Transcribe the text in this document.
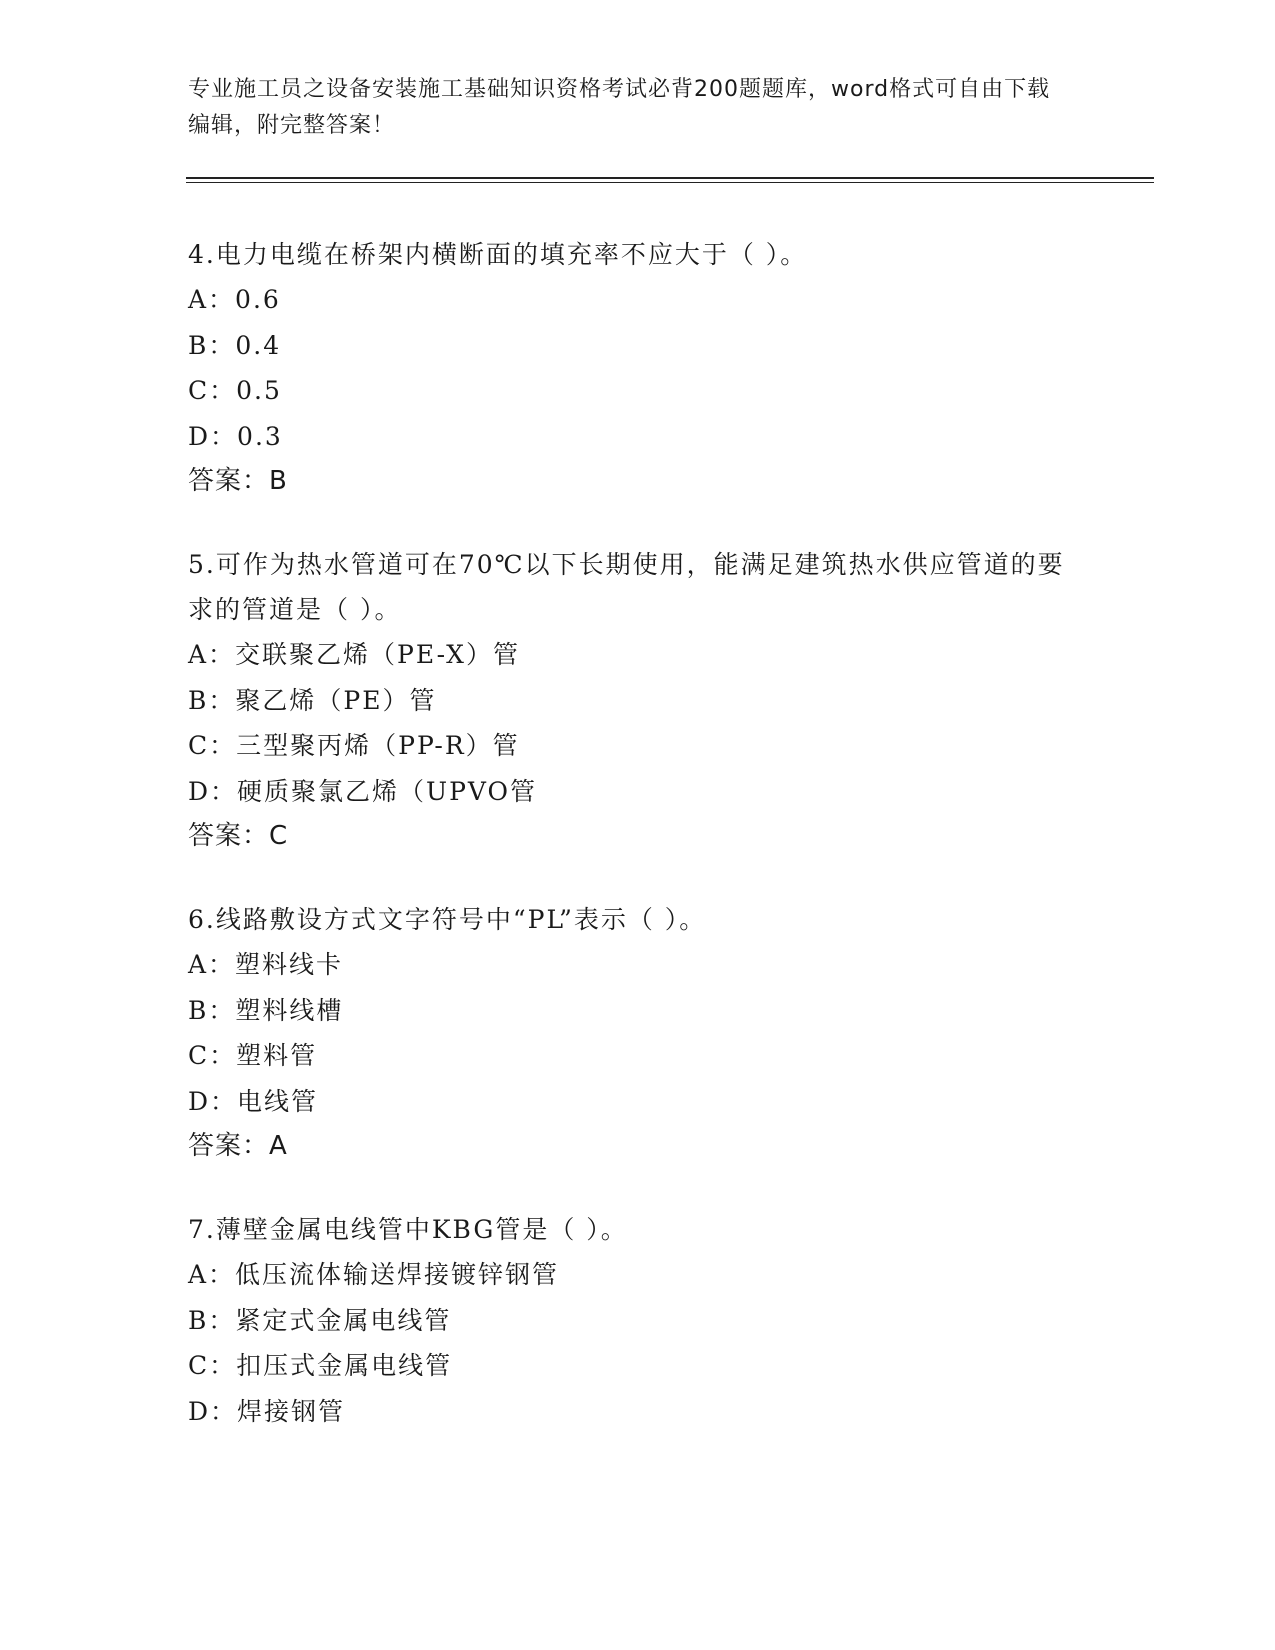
专业施工员之设备安装施工基础知识资格考试必背200题题库，word格式可自由下载编辑，附完整答案！

4.电力电缆在桥架内横断面的填充率不应大于（ ）。

A：0.6

B：0.4

C：0.5

D：0.3

答案：B

5.可作为热水管道可在70℃以下长期使用，能满足建筑热水供应管道的要求的管道是（ ）。

A：交联聚乙烯（PE-X）管

B：聚乙烯（PE）管

C：三型聚丙烯（PP-R）管

D：硬质聚氯乙烯（UPVO管

答案：C

6.线路敷设方式文字符号中“PL”表示（ ）。

A：塑料线卡

B：塑料线槽

C：塑料管

D：电线管

答案：A

7.薄壁金属电线管中KBG管是（ ）。

A：低压流体输送焊接镀锌钢管

B：紧定式金属电线管

C：扣压式金属电线管

D：焊接钢管
